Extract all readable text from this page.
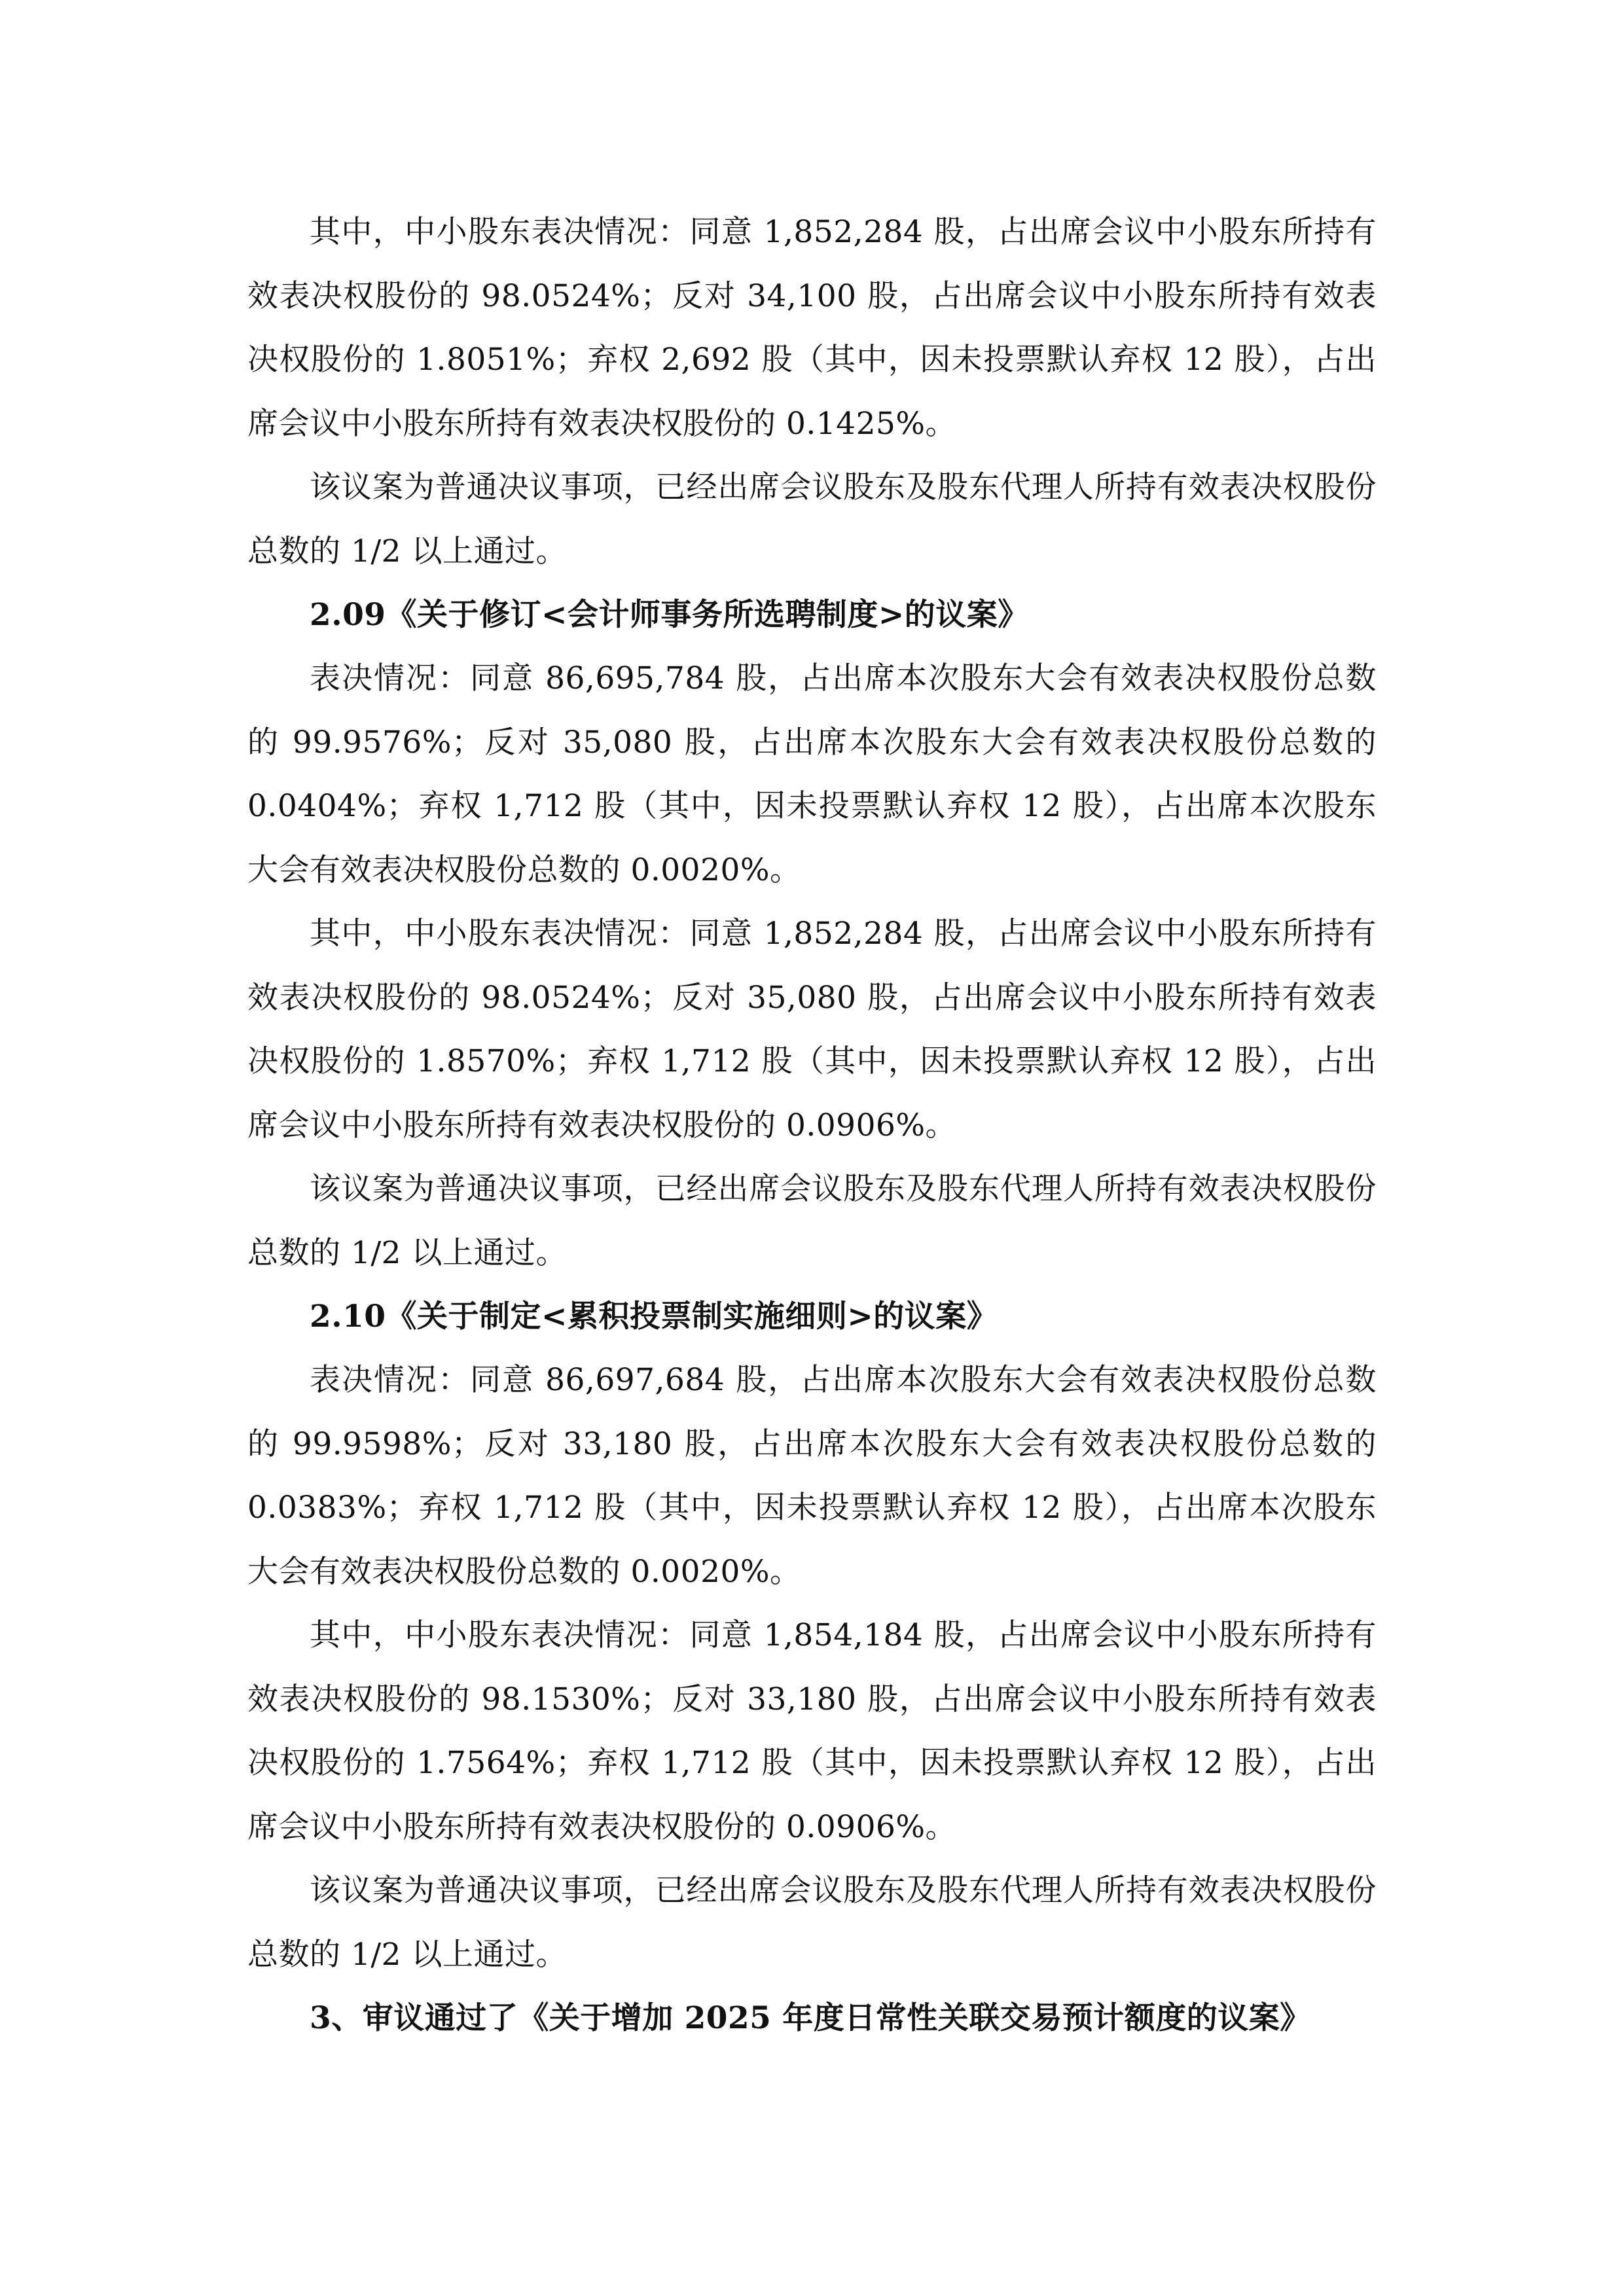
其中，中小股东表决情况：同意 1,852,284 股，占出席会议中小股东所持有效表决权股份的 98.0524%；反对 34,100 股，占出席会议中小股东所持有效表决权股份的 1.8051%；弃权 2,692 股（其中，因未投票默认弃权 12 股），占出席会议中小股东所持有效表决权股份的 0.1425%。

该议案为普通决议事项，已经出席会议股东及股东代理人所持有效表决权股份总数的 1/2 以上通过。

2.09《关于修订<会计师事务所选聘制度>的议案》

表决情况：同意 86,695,784 股，占出席本次股东大会有效表决权股份总数的 99.9576%；反对 35,080 股，占出席本次股东大会有效表决权股份总数的 0.0404%；弃权 1,712 股（其中，因未投票默认弃权 12 股），占出席本次股东大会有效表决权股份总数的 0.0020%。

其中，中小股东表决情况：同意 1,852,284 股，占出席会议中小股东所持有效表决权股份的 98.0524%；反对 35,080 股，占出席会议中小股东所持有效表决权股份的 1.8570%；弃权 1,712 股（其中，因未投票默认弃权 12 股），占出席会议中小股东所持有效表决权股份的 0.0906%。

该议案为普通决议事项，已经出席会议股东及股东代理人所持有效表决权股份总数的 1/2 以上通过。

2.10《关于制定<累积投票制实施细则>的议案》

表决情况：同意 86,697,684 股，占出席本次股东大会有效表决权股份总数的 99.9598%；反对 33,180 股，占出席本次股东大会有效表决权股份总数的 0.0383%；弃权 1,712 股（其中，因未投票默认弃权 12 股），占出席本次股东大会有效表决权股份总数的 0.0020%。

其中，中小股东表决情况：同意 1,854,184 股，占出席会议中小股东所持有效表决权股份的 98.1530%；反对 33,180 股，占出席会议中小股东所持有效表决权股份的 1.7564%；弃权 1,712 股（其中，因未投票默认弃权 12 股），占出席会议中小股东所持有效表决权股份的 0.0906%。

该议案为普通决议事项，已经出席会议股东及股东代理人所持有效表决权股份总数的 1/2 以上通过。

3、审议通过了《关于增加 2025 年度日常性关联交易预计额度的议案》
